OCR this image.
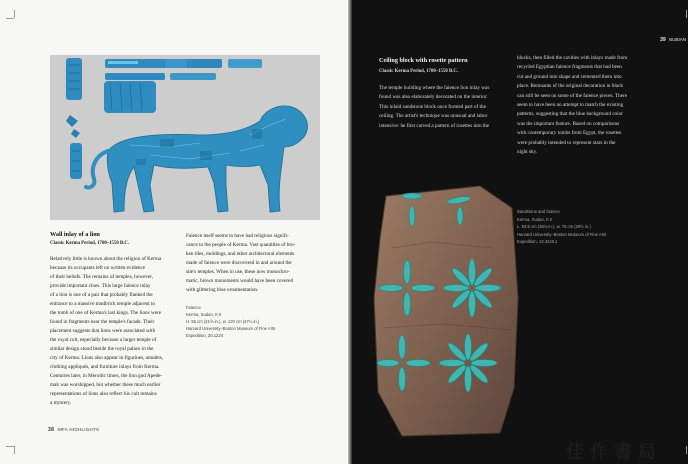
Wall inlay of a lion
Classic Kerma Period, 1700–1550 B.C.

Relatively little is known about the religion of Kerma
because its occupants left no written evidence
of their beliefs. The remains of temples, however,
provide important clues. This large faience inlay
of a lion is one of a pair that probably flanked the
entrance to a massive mudbrick temple adjacent to
the tomb of one of Kerma's last kings. The lions were
found in fragments near the temple's facade. Their
placement suggests that lions were associated with
the royal cult, especially because a larger temple of
similar design stood beside the royal palace in the
city of Kerma. Lions also appear in figurines, amulets,
clothing appliqués, and furniture inlays from Kerma.
Centuries later, in Meroitic times, the lion god Apede-
mak was worshipped, but whether these much earlier
representations of lions also reflect his cult remains
a mystery.

Faience itself seems to have had religious signifi-
cance to the people of Kerma. Vast quantities of bro-
ken tiles, moldings, and other architectural elements
made of faience were discovered in and around the
site's temples. When in use, these now monochro-
matic, brown monuments would have been covered
with glittering blue ornamentation.

Faience
Kerma, Sudan, K II
H. 55 cm (21⅝ in.), w. 120 cm (47¼ in.)
Harvard University–Boston Museum of Fine Arts
Expedition, 20.1224

38 MFA HIGHLIGHTS
39 NUBIAN
Ceiling block with rosette pattern
Classic Kerma Period, 1700–1550 B.C.

The temple building where the faience lion inlay was
found was also elaborately decorated on the interior.
This inlaid sandstone block once formed part of the
ceiling. The artist's technique was unusual and labor
intensive: he first carved a pattern of rosettes into the

blocks, then filled the cavities with inlays made from
recycled Egyptian faience fragments that had been
cut and ground into shape and cemented them into
place. Remnants of the original decoration in black
can still be seen on some of the faience pieces. There
seem to have been no attempt to match the existing
patterns, suggesting that the blue background color
was the important feature. Based on comparisons
with contemporary tombs from Egypt, the rosettes
were probably intended to represent stars in the
night sky.

Sandstone and faience
Kerma, Sudan, K II
L. 93.5 cm (36⅛ in.), w. 75 cm (29½ in.)
Harvard University–Boston Museum of Fine Arts
Expedition, 13.4240.1

佳作書局
